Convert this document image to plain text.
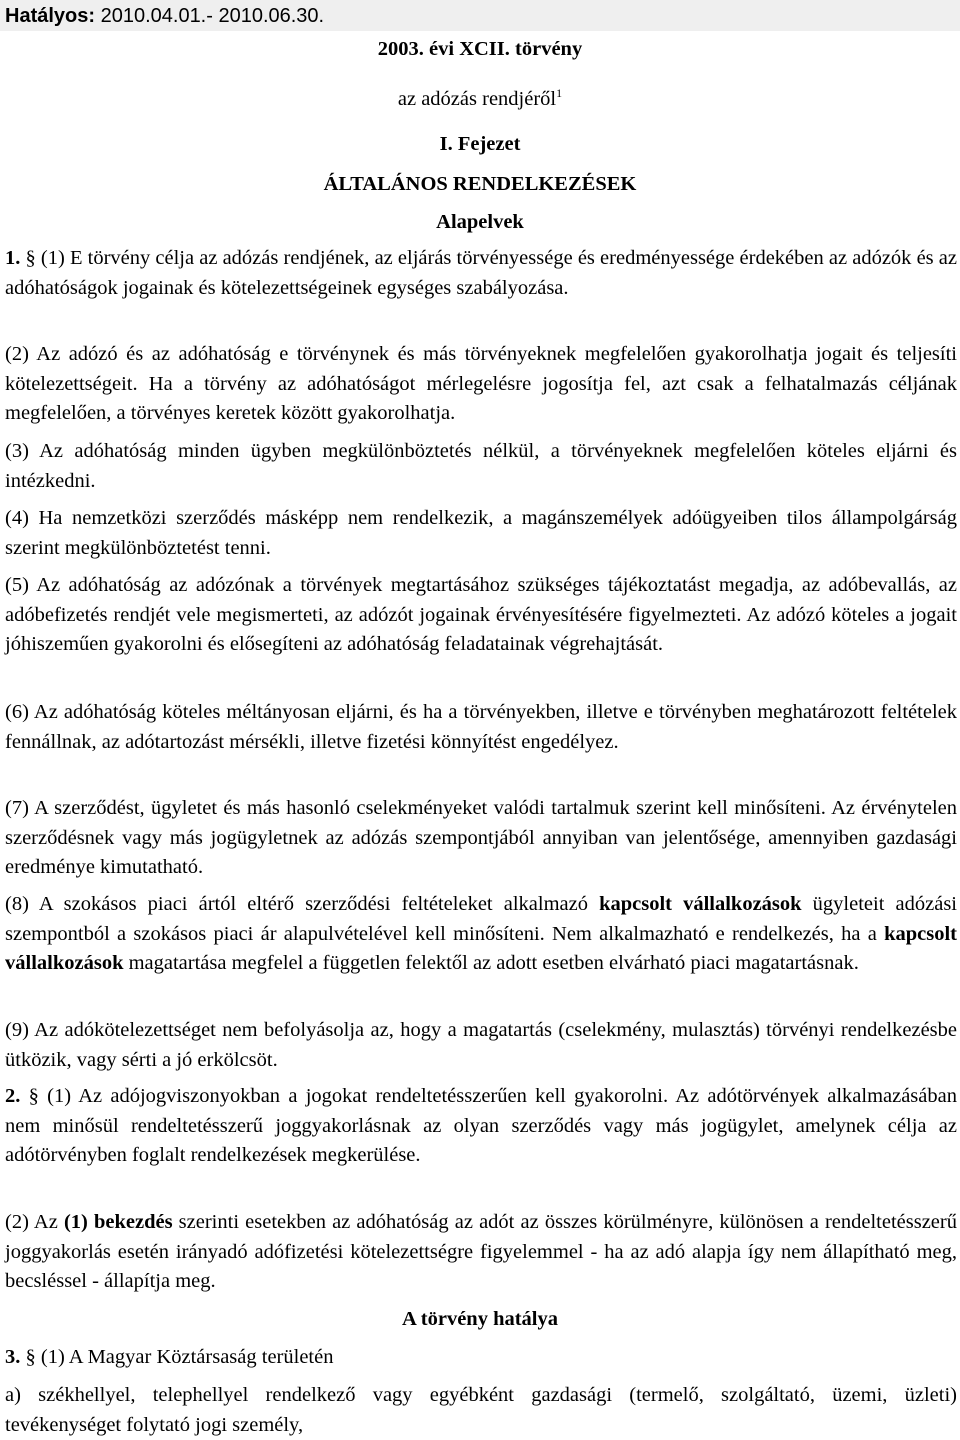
Hatályos: 2010.04.01.- 2010.06.30.
2003. évi XCII. törvény
az adózás rendjéről$^1$
I. Fejezet
ÁLTALÁNOS RENDELKEZÉSEK
Alapelvek

1. § (1) E törvény célja az adózás rendjének, az eljárás törvényessége és eredményessége érdekében az adózók és az adóhatóságok jogainak és kötelezettségeinek egységes szabályozása.

(2) Az adózó és az adóhatóság e törvénynek és más törvényeknek megfelelően gyakorolhatja jogait és teljesíti kötelezettségeit. Ha a törvény az adóhatóságot mérlegelésre jogosítja fel, azt csak a felhatalmazás céljának megfelelően, a törvényes keretek között gyakorolhatja.

(3) Az adóhatóság minden ügyben megkülönböztetés nélkül, a törvényeknek megfelelően köteles eljárni és intézkedni.

(4) Ha nemzetközi szerződés másképp nem rendelkezik, a magánszemélyek adóügyeiben tilos állampolgárság szerint megkülönböztetést tenni.

(5) Az adóhatóság az adózónak a törvények megtartásához szükséges tájékoztatást megadja, az adóbevallás, az adóbefizetés rendjét vele megismerteti, az adózót jogainak érvényesítésére figyelmezteti. Az adózó köteles a jogait jóhiszeműen gyakorolni és elősegíteni az adóhatóság feladatainak végrehajtását.

(6) Az adóhatóság köteles méltányosan eljárni, és ha a törvényekben, illetve e törvényben meghatározott feltételek fennállnak, az adótartozást mérsékli, illetve fizetési könnyítést engedélyez.

(7) A szerződést, ügyletet és más hasonló cselekményeket valódi tartalmuk szerint kell minősíteni. Az érvénytelen szerződésnek vagy más jogügyletnek az adózás szempontjából annyiban van jelentősége, amennyiben gazdasági eredménye kimutatható.

(8) A szokásos piaci ártól eltérő szerződési feltételeket alkalmazó kapcsolt vállalkozások ügyleteit adózási szempontból a szokásos piaci ár alapulvételével kell minősíteni. Nem alkalmazható e rendelkezés, ha a kapcsolt vállalkozások magatartása megfelel a független felektől az adott esetben elvárható piaci magatartásnak.

(9) Az adókötelezettséget nem befolyásolja az, hogy a magatartás (cselekmény, mulasztás) törvényi rendelkezésbe ütközik, vagy sérti a jó erkölcsöt.

2. § (1) Az adójogviszonyokban a jogokat rendeltetésszerűen kell gyakorolni. Az adótörvények alkalmazásában nem minősül rendeltetésszerű joggyakorlásnak az olyan szerződés vagy más jogügylet, amelynek célja az adótörvényben foglalt rendelkezések megkerülése.

(2) Az (1) bekezdés szerinti esetekben az adóhatóság az adót az összes körülményre, különösen a rendeltetésszerű joggyakorlás esetén irányadó adófizetési kötelezettségre figyelemmel - ha az adó alapja így nem állapítható meg, becsléssel - állapítja meg.

A törvény hatálya

3. § (1) A Magyar Köztársaság területén

a) székhellyel, telephellyel rendelkező vagy egyébként gazdasági (termelő, szolgáltató, üzemi, üzleti) tevékenységet folytató jogi személy,
